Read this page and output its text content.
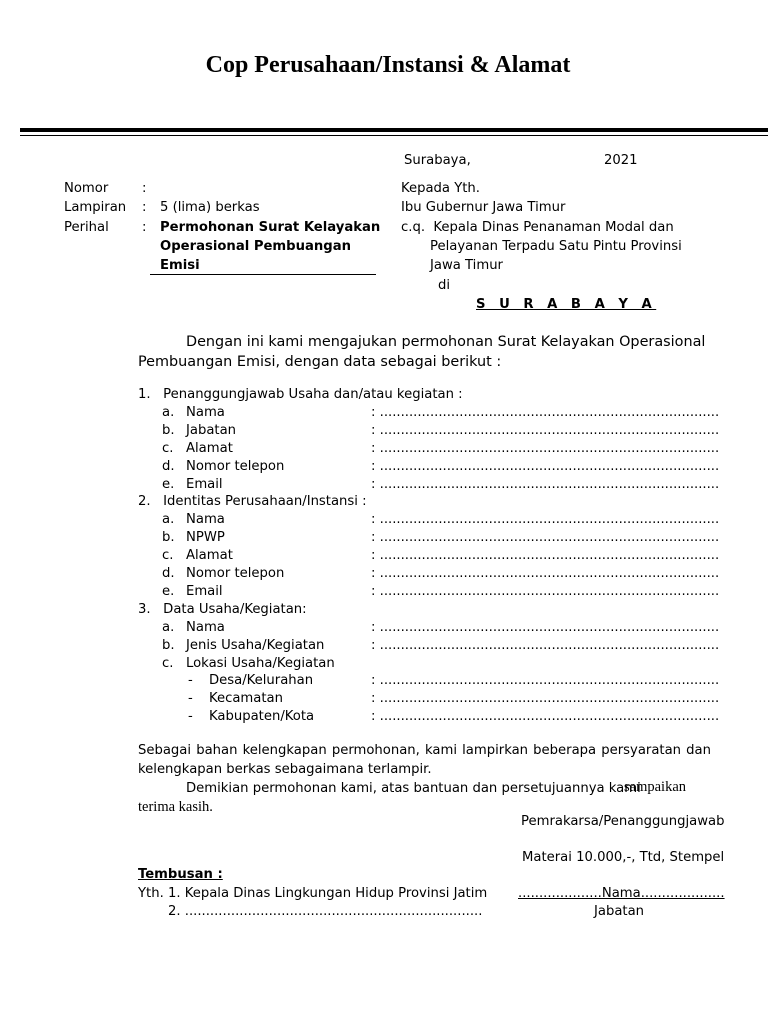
Cop Perusahaan/Instansi & Alamat
Surabaya,	2021
Nomor	:
Lampiran : 5 (lima) berkas
Perihal	: Permohonan Surat Kelayakan
Operasional Pembuangan
Emisi
Kepada Yth.
Ibu Gubernur Jawa Timur
c.q.  Kepala Dinas Penanaman Modal dan
Pelayanan Terpadu Satu Pintu Provinsi
Jawa Timur
di
S U R A B A Y A
Dengan ini kami mengajukan permohonan Surat Kelayakan Operasional
Pembuangan Emisi, dengan data sebagai berikut :
1.   Penanggungjawab Usaha dan/atau kegiatan :
a. Nama	: .................................................................................
b. Jabatan	: .................................................................................
c. Alamat	: .................................................................................
d. Nomor telepon	: .................................................................................
e. Email	: .................................................................................
2.   Identitas Perusahaan/Instansi :
a. Nama	: .................................................................................
b. NPWP	: .................................................................................
c. Alamat	: .................................................................................
d. Nomor telepon	: .................................................................................
e. Email	: .................................................................................
3.   Data Usaha/Kegiatan:
a. Nama	: .................................................................................
b. Jenis Usaha/Kegiatan	: .................................................................................
c. Lokasi Usaha/Kegiatan
- Desa/Kelurahan	: .................................................................................
- Kecamatan	: .................................................................................
- Kabupaten/Kota	: .................................................................................
Sebagai bahan kelengkapan permohonan, kami lampirkan beberapa persyaratan dan
kelengkapan berkas sebagaimana terlampir.
Demikian permohonan kami, atas bantuan dan persetujuannya kami
sampaikan
terima kasih.
Pemrakarsa/Penanggungjawab
Materai 10.000,-, Ttd, Stempel
....................Nama....................
Jabatan
Tembusan :
Yth. 1. Kepala Dinas Lingkungan Hidup Provinsi Jatim
2. .......................................................................
